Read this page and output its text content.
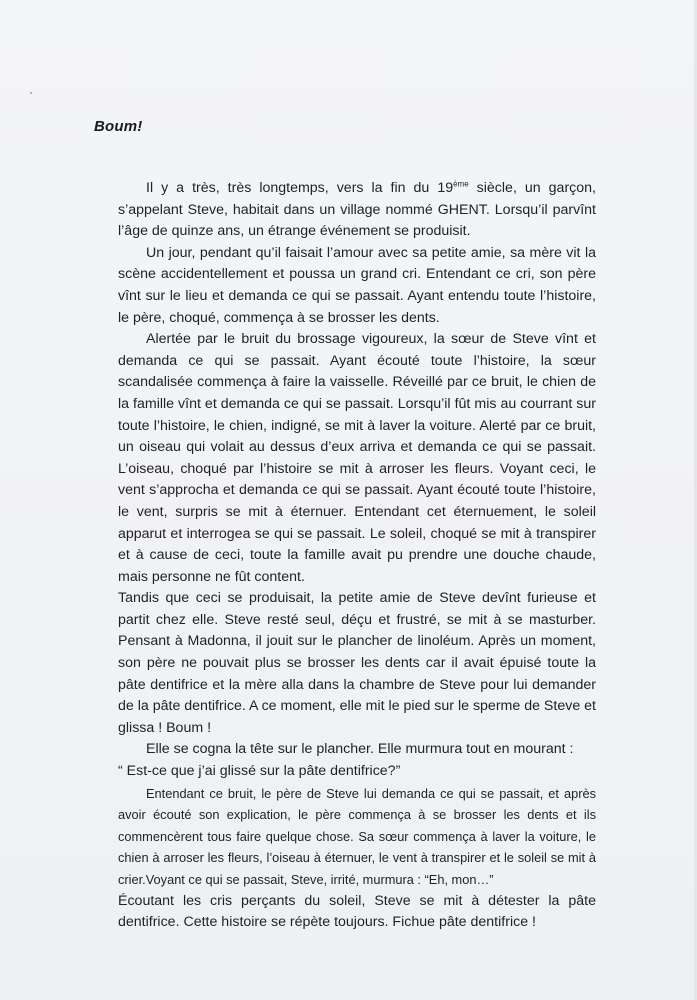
Boum!

Il y a très, très longtemps, vers la fin du 19ème siècle, un garçon, s’appelant Steve, habitait dans un village nommé GHENT. Lorsqu’il parvînt l’âge de quinze ans, un étrange événement se produisit.

Un jour, pendant qu’il faisait l’amour avec sa petite amie, sa mère vit la scène accidentellement et poussa un grand cri. Entendant ce cri, son père vînt sur le lieu et demanda ce qui se passait. Ayant entendu toute l’histoire, le père, choqué, commença à se brosser les dents.

Alertée par le bruit du brossage vigoureux, la sœur de Steve vînt et demanda ce qui se passait. Ayant écouté toute l’histoire, la sœur scandalisée commença à faire la vaisselle. Réveillé par ce bruit, le chien de la famille vînt et demanda ce qui se passait. Lorsqu’il fût mis au courrant sur toute l’histoire, le chien, indigné, se mit à laver la voiture. Alerté par ce bruit, un oiseau qui volait au dessus d’eux arriva et demanda ce qui se passait. L’oiseau, choqué par l’histoire se mit à arroser les fleurs. Voyant ceci, le vent s’approcha et demanda ce qui se passait. Ayant écouté toute l’histoire, le vent, surpris se mit à éternuer. Entendant cet éternuement, le soleil apparut et interrogea se qui se passait. Le soleil, choqué se mit à transpirer et à cause de ceci, toute la famille avait pu prendre une douche chaude, mais personne ne fût content.

Tandis que ceci se produisait, la petite amie de Steve devînt furieuse et partit chez elle. Steve resté seul, déçu et frustré, se mit à se masturber. Pensant à Madonna, il jouit sur le plancher de linoléum. Après un moment, son père ne pouvait plus se brosser les dents car il avait épuisé toute la pâte dentifrice et la mère alla dans la chambre de Steve pour lui demander de la pâte dentifrice. A ce moment, elle mit le pied sur le sperme de Steve et glissa ! Boum !

Elle se cogna la tête sur le plancher. Elle murmura tout en mourant :

“ Est-ce que j’ai glissé sur la pâte dentifrice?”

Entendant ce bruit, le père de Steve lui demanda ce qui se passait, et après avoir écouté son explication, le père commença à se brosser les dents et ils commencèrent tous faire quelque chose. Sa sœur commença à laver la voiture, le chien à arroser les fleurs, l’oiseau à éternuer, le vent à transpirer et le soleil se mit à crier.Voyant ce qui se passait, Steve, irrité, murmura : “Eh, mon…”

Écoutant les cris perçants du soleil, Steve se mit à détester la pâte dentifrice. Cette histoire se répète toujours. Fichue pâte dentifrice !
